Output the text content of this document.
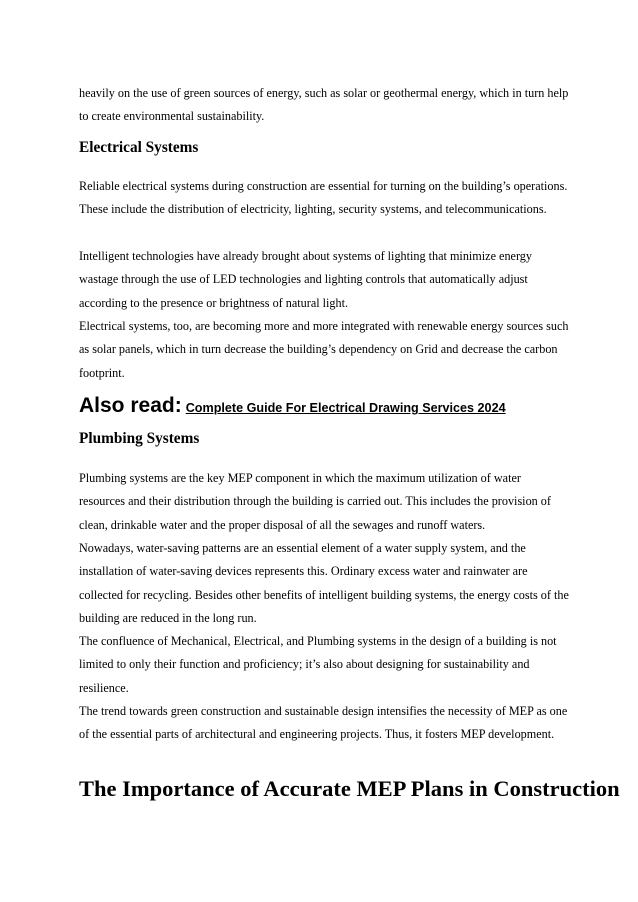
heavily on the use of green sources of energy, such as solar or geothermal energy, which in turn help to create environmental sustainability.

Electrical Systems

Reliable electrical systems during construction are essential for turning on the building’s operations. These include the distribution of electricity, lighting, security systems, and telecommunications.

Intelligent technologies have already brought about systems of lighting that minimize energy wastage through the use of LED technologies and lighting controls that automatically adjust according to the presence or brightness of natural light.

Electrical systems, too, are becoming more and more integrated with renewable energy sources such as solar panels, which in turn decrease the building’s dependency on Grid and decrease the carbon footprint.

Also read: Complete Guide For Electrical Drawing Services 2024
Plumbing Systems

Plumbing systems are the key MEP component in which the maximum utilization of water resources and their distribution through the building is carried out. This includes the provision of clean, drinkable water and the proper disposal of all the sewages and runoff waters.

Nowadays, water-saving patterns are an essential element of a water supply system, and the installation of water-saving devices represents this. Ordinary excess water and rainwater are collected for recycling. Besides other benefits of intelligent building systems, the energy costs of the building are reduced in the long run.

The confluence of Mechanical, Electrical, and Plumbing systems in the design of a building is not limited to only their function and proficiency; it’s also about designing for sustainability and resilience.

The trend towards green construction and sustainable design intensifies the necessity of MEP as one of the essential parts of architectural and engineering projects. Thus, it fosters MEP development.

The Importance of Accurate MEP Plans in Construction
